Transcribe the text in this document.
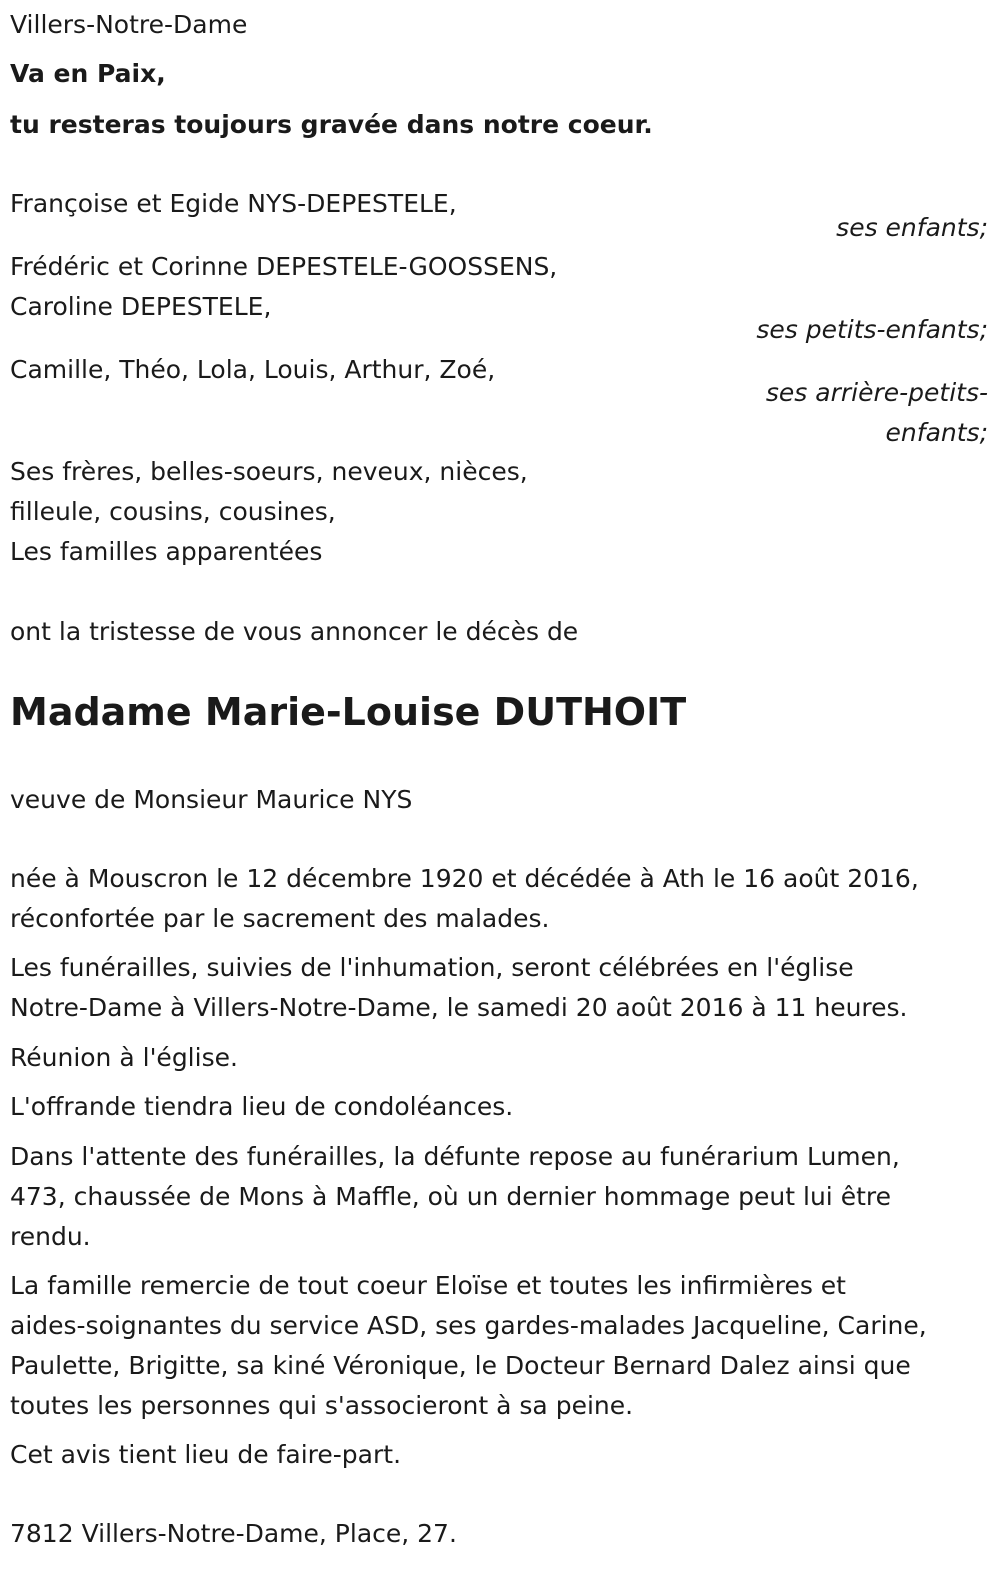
Villers-Notre-Dame

Va en Paix,

tu resteras toujours gravée dans notre coeur.

Françoise et Egide NYS-DEPESTELE,

ses enfants;

Frédéric et Corinne DEPESTELE-GOOSSENS,

Caroline DEPESTELE,

ses petits-enfants;

Camille, Théo, Lola, Louis, Arthur, Zoé,

ses arrière-petits-
enfants;

Ses frères, belles-soeurs, neveux, nièces,

filleule, cousins, cousines,

Les familles apparentées

ont la tristesse de vous annoncer le décès de

Madame Marie-Louise DUTHOIT

veuve de Monsieur Maurice NYS

née à Mouscron le 12 décembre 1920 et décédée à Ath le 16 août 2016,

réconfortée par le sacrement des malades.

Les funérailles, suivies de l'inhumation, seront célébrées en l'église

Notre-Dame à Villers-Notre-Dame, le samedi 20 août 2016 à 11 heures.

Réunion à l'église.

L'offrande tiendra lieu de condoléances.

Dans l'attente des funérailles, la défunte repose au funérarium Lumen,

473, chaussée de Mons à Maffle, où un dernier hommage peut lui être

rendu.

La famille remercie de tout coeur Eloïse et toutes les infirmières et

aides-soignantes du service ASD, ses gardes-malades Jacqueline, Carine,

Paulette, Brigitte, sa kiné Véronique, le Docteur Bernard Dalez ainsi que

toutes les personnes qui s'associeront à sa peine.

Cet avis tient lieu de faire-part.

7812 Villers-Notre-Dame, Place, 27.
